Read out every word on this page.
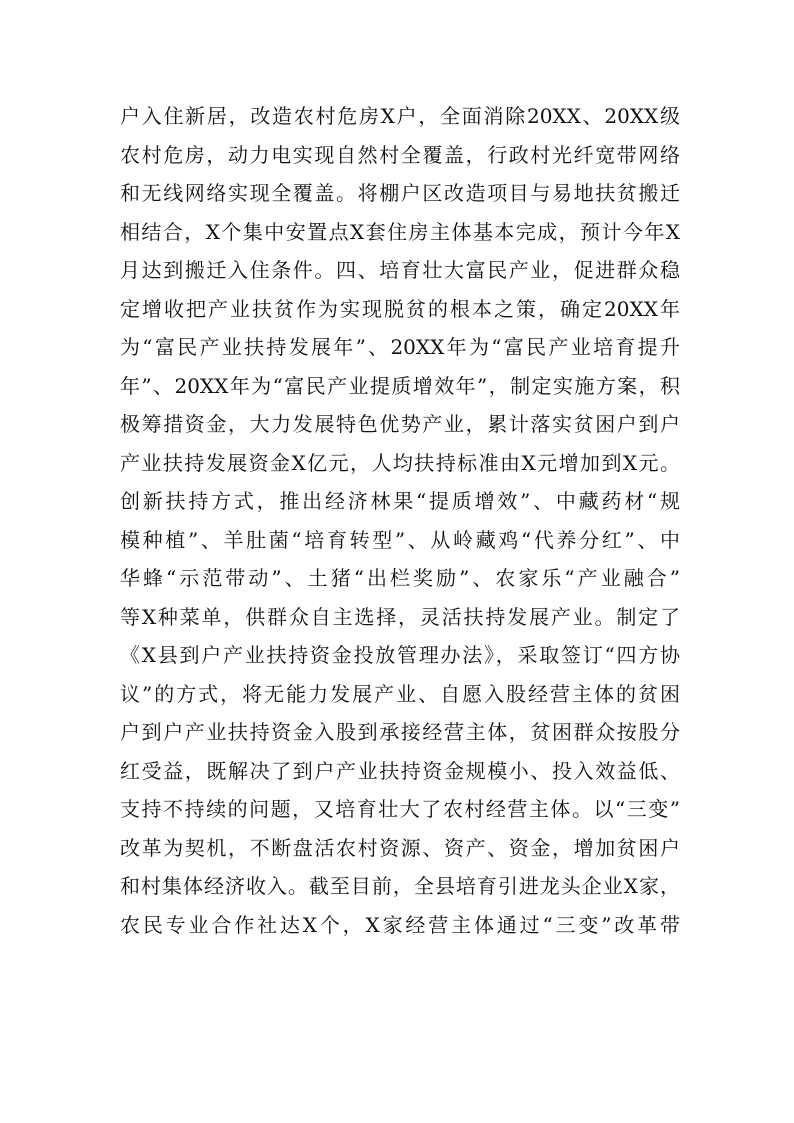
户入住新居，改造农村危房X户，全面消除20XX、20XX级
农村危房，动力电实现自然村全覆盖，行政村光纤宽带网络
和无线网络实现全覆盖。将棚户区改造项目与易地扶贫搬迁
相结合，X个集中安置点X套住房主体基本完成，预计今年X
月达到搬迁入住条件。四、培育壮大富民产业，促进群众稳
定增收把产业扶贫作为实现脱贫的根本之策，确定20XX年
为“富民产业扶持发展年”、20XX年为“富民产业培育提升
年”、20XX年为“富民产业提质增效年”，制定实施方案，积
极筹措资金，大力发展特色优势产业，累计落实贫困户到户
产业扶持发展资金X亿元，人均扶持标准由X元增加到X元。
创新扶持方式，推出经济林果“提质增效”、中藏药材“规
模种植”、羊肚菌“培育转型”、从岭藏鸡“代养分红”、中
华蜂“示范带动”、土猪“出栏奖励”、农家乐“产业融合”
等X种菜单，供群众自主选择，灵活扶持发展产业。制定了
《X县到户产业扶持资金投放管理办法》，采取签订“四方协
议”的方式，将无能力发展产业、自愿入股经营主体的贫困
户到户产业扶持资金入股到承接经营主体，贫困群众按股分
红受益，既解决了到户产业扶持资金规模小、投入效益低、
支持不持续的问题，又培育壮大了农村经营主体。以“三变”
改革为契机，不断盘活农村资源、资产、资金，增加贫困户
和村集体经济收入。截至目前，全县培育引进龙头企业X家，
农民专业合作社达X个，X家经营主体通过“三变”改革带
